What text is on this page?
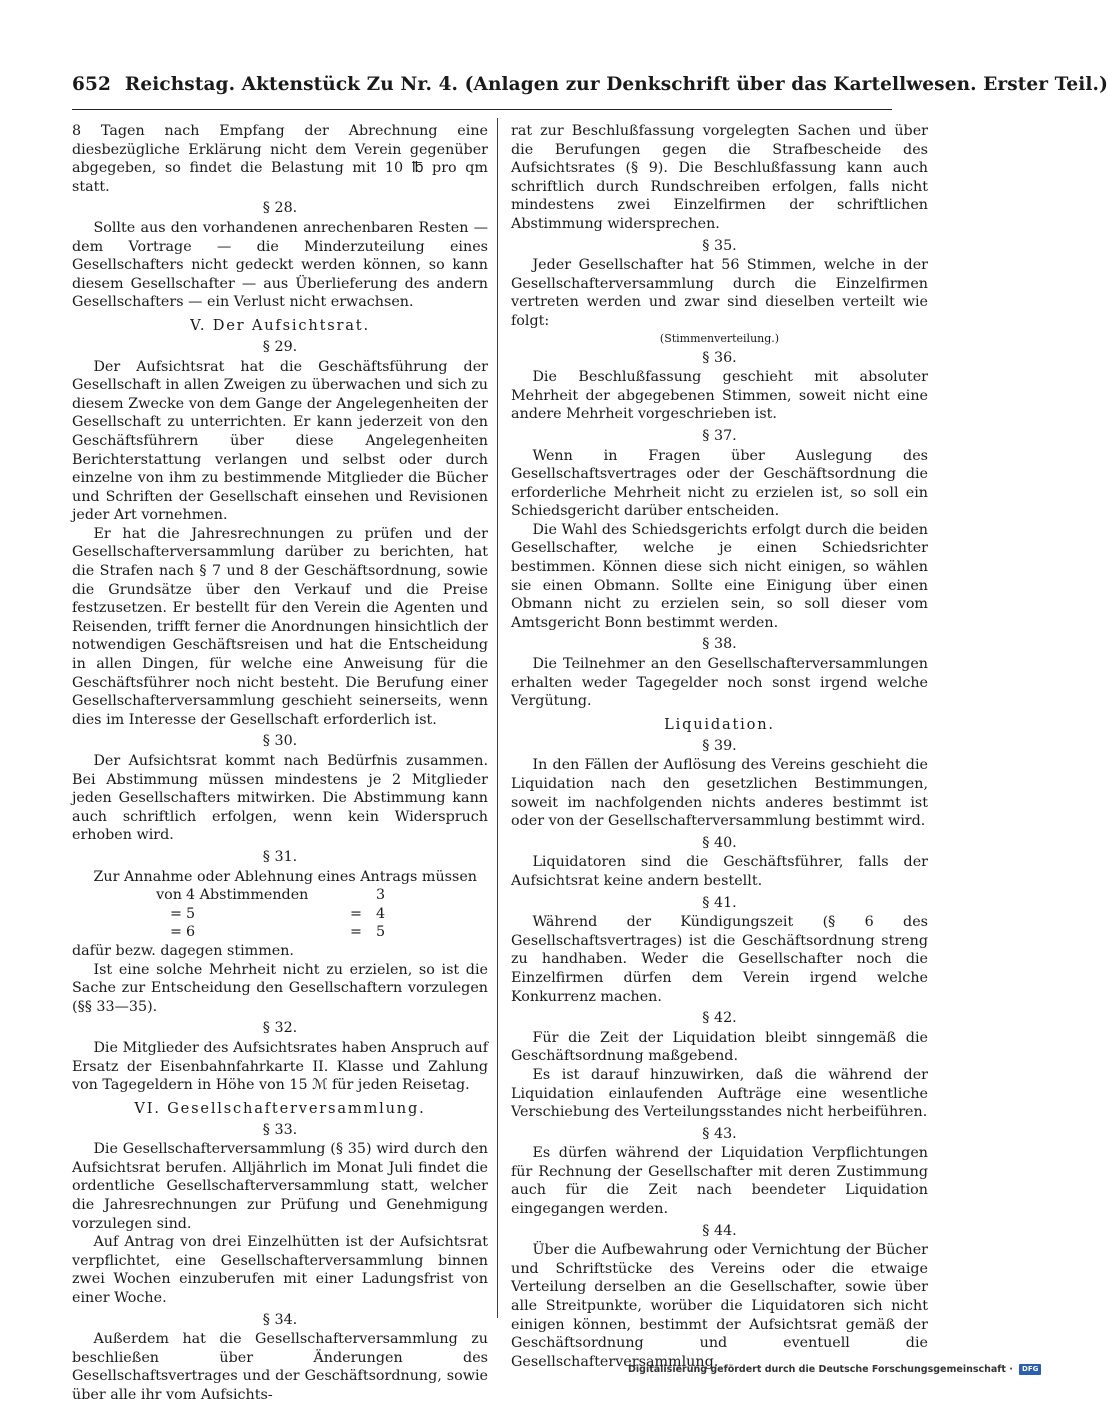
652 Reichstag. Aktenstück Zu Nr. 4. (Anlagen zur Denkschrift über das Kartellwesen. Erster Teil.)

8 Tagen nach Empfang der Abrechnung eine diesbezügliche Erklärung nicht dem Verein gegenüber abgegeben, so findet die Belastung mit 10 ℔ pro qm statt.

§ 28.

Sollte aus den vorhandenen anrechenbaren Resten — dem Vortrage — die Minderzuteilung eines Gesellschafters nicht gedeckt werden können, so kann diesem Gesellschafter — aus Überlieferung des andern Gesellschafters — ein Verlust nicht erwachsen.

V. Der Aufsichtsrat.
§ 29.

Der Aufsichtsrat hat die Geschäftsführung der Gesellschaft in allen Zweigen zu überwachen und sich zu diesem Zwecke von dem Gange der Angelegenheiten der Gesellschaft zu unterrichten. Er kann jederzeit von den Geschäftsführern über diese Angelegenheiten Berichterstattung verlangen und selbst oder durch einzelne von ihm zu bestimmende Mitglieder die Bücher und Schriften der Gesellschaft einsehen und Revisionen jeder Art vornehmen.

Er hat die Jahresrechnungen zu prüfen und der Gesellschafterversammlung darüber zu berichten, hat die Strafen nach § 7 und 8 der Geschäftsordnung, sowie die Grundsätze über den Verkauf und die Preise festzusetzen. Er bestellt für den Verein die Agenten und Reisenden, trifft ferner die Anordnungen hinsichtlich der notwendigen Geschäftsreisen und hat die Entscheidung in allen Dingen, für welche eine Anweisung für die Geschäftsführer noch nicht besteht. Die Berufung einer Gesellschafterversammlung geschieht seinerseits, wenn dies im Interesse der Gesellschaft erforderlich ist.

§ 30.

Der Aufsichtsrat kommt nach Bedürfnis zusammen. Bei Abstimmung müssen mindestens je 2 Mitglieder jeden Gesellschafters mitwirken. Die Abstimmung kann auch schriftlich erfolgen, wenn kein Widerspruch erhoben wird.

§ 31.

Zur Annahme oder Ablehnung eines Antrags müssen

von 4 Abstimmenden	3
= 5	= 4
= 6	= 5

dafür bezw. dagegen stimmen.

Ist eine solche Mehrheit nicht zu erzielen, so ist die Sache zur Entscheidung den Gesellschaftern vorzulegen (§§ 33—35).

§ 32.

Die Mitglieder des Aufsichtsrates haben Anspruch auf Ersatz der Eisenbahnfahrkarte II. Klasse und Zahlung von Tagegeldern in Höhe von 15 ℳ für jeden Reisetag.

VI. Gesellschafterversammlung.
§ 33.

Die Gesellschafterversammlung (§ 35) wird durch den Aufsichtsrat berufen. Alljährlich im Monat Juli findet die ordentliche Gesellschafterversammlung statt, welcher die Jahresrechnungen zur Prüfung und Genehmigung vorzulegen sind.

Auf Antrag von drei Einzelhütten ist der Aufsichtsrat verpflichtet, eine Gesellschafterversammlung binnen zwei Wochen einzuberufen mit einer Ladungsfrist von einer Woche.

§ 34.

Außerdem hat die Gesellschafterversammlung zu beschließen über Änderungen des Gesellschaftsvertrages und der Geschäftsordnung, sowie über alle ihr vom Aufsichts-

rat zur Beschlußfassung vorgelegten Sachen und über die Berufungen gegen die Strafbescheide des Aufsichtsrates (§ 9). Die Beschlußfassung kann auch schriftlich durch Rundschreiben erfolgen, falls nicht mindestens zwei Einzelfirmen der schriftlichen Abstimmung widersprechen.

§ 35.

Jeder Gesellschafter hat 56 Stimmen, welche in der Gesellschafterversammlung durch die Einzelfirmen vertreten werden und zwar sind dieselben verteilt wie folgt:

(Stimmenverteilung.)
§ 36.

Die Beschlußfassung geschieht mit absoluter Mehrheit der abgegebenen Stimmen, soweit nicht eine andere Mehrheit vorgeschrieben ist.

§ 37.

Wenn in Fragen über Auslegung des Gesellschaftsvertrages oder der Geschäftsordnung die erforderliche Mehrheit nicht zu erzielen ist, so soll ein Schiedsgericht darüber entscheiden.

Die Wahl des Schiedsgerichts erfolgt durch die beiden Gesellschafter, welche je einen Schiedsrichter bestimmen. Können diese sich nicht einigen, so wählen sie einen Obmann. Sollte eine Einigung über einen Obmann nicht zu erzielen sein, so soll dieser vom Amtsgericht Bonn bestimmt werden.

§ 38.

Die Teilnehmer an den Gesellschafterversammlungen erhalten weder Tagegelder noch sonst irgend welche Vergütung.

Liquidation.
§ 39.

In den Fällen der Auflösung des Vereins geschieht die Liquidation nach den gesetzlichen Bestimmungen, soweit im nachfolgenden nichts anderes bestimmt ist oder von der Gesellschafterversammlung bestimmt wird.

§ 40.

Liquidatoren sind die Geschäftsführer, falls der Aufsichtsrat keine andern bestellt.

§ 41.

Während der Kündigungszeit (§ 6 des Gesellschaftsvertrages) ist die Geschäftsordnung streng zu handhaben. Weder die Gesellschafter noch die Einzelfirmen dürfen dem Verein irgend welche Konkurrenz machen.

§ 42.

Für die Zeit der Liquidation bleibt sinngemäß die Geschäftsordnung maßgebend.

Es ist darauf hinzuwirken, daß die während der Liquidation einlaufenden Aufträge eine wesentliche Verschiebung des Verteilungsstandes nicht herbeiführen.

§ 43.

Es dürfen während der Liquidation Verpflichtungen für Rechnung der Gesellschafter mit deren Zustimmung auch für die Zeit nach beendeter Liquidation eingegangen werden.

§ 44.

Über die Aufbewahrung oder Vernichtung der Bücher und Schriftstücke des Vereins oder die etwaige Verteilung derselben an die Gesellschafter, sowie über alle Streitpunkte, worüber die Liquidatoren sich nicht einigen können, bestimmt der Aufsichtsrat gemäß der Geschäftsordnung und eventuell die Gesellschafterversammlung.

Digitalisierung gefördert durch die Deutsche Forschungsgemeinschaft · DFG
